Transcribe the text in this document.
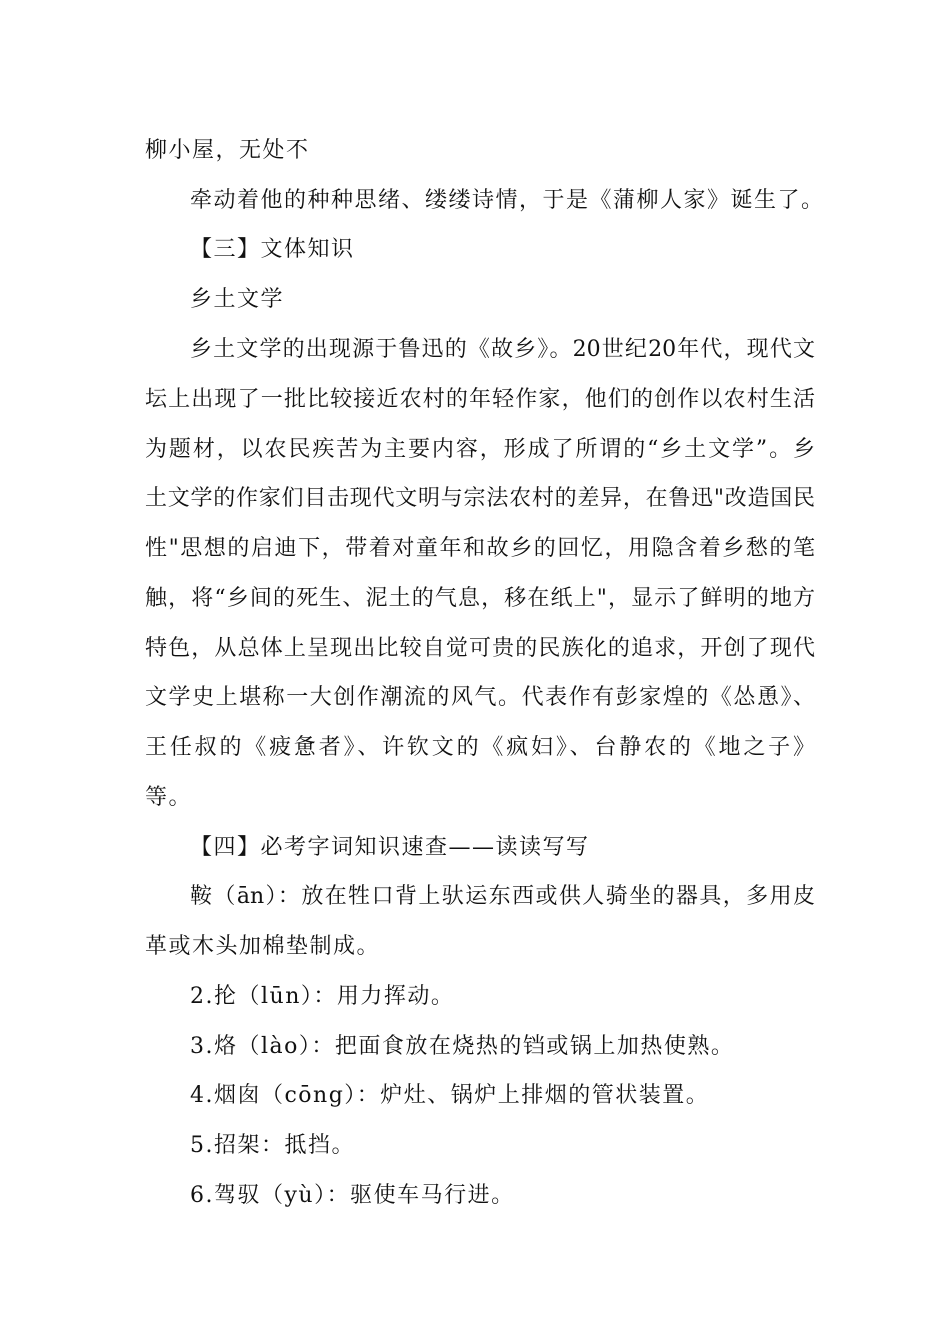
柳小屋，无处不
牵动着他的种种思绪、缕缕诗情，于是《蒲柳人家》诞生了。
【三】文体知识
乡土文学
乡土文学的出现源于鲁迅的《故乡》。20世纪20年代，现代文
坛上出现了一批比较接近农村的年轻作家，他们的创作以农村生活
为题材，以农民疾苦为主要内容，形成了所谓的“乡土文学”。乡
土文学的作家们目击现代文明与宗法农村的差异，在鲁迅"改造国民
性"思想的启迪下，带着对童年和故乡的回忆，用隐含着乡愁的笔
触，将“乡间的死生、泥土的气息，移在纸上"，显示了鲜明的地方
特色，从总体上呈现出比较自觉可贵的民族化的追求，开创了现代
文学史上堪称一大创作潮流的风气。代表作有彭家煌的《怂恿》、
王任叔的《疲惫者》、许钦文的《疯妇》、台静农的《地之子》
等。
【四】必考字词知识速查——读读写写
鞍（ān）：放在牲口背上驮运东西或供人骑坐的器具，多用皮
革或木头加棉垫制成。
2.抡（lūn）：用力挥动。
3.烙（lào）：把面食放在烧热的铛或锅上加热使熟。
4.烟囱（cōng）：炉灶、锅炉上排烟的管状装置。
5.招架：抵挡。
6.驾驭（yù）：驱使车马行进。
